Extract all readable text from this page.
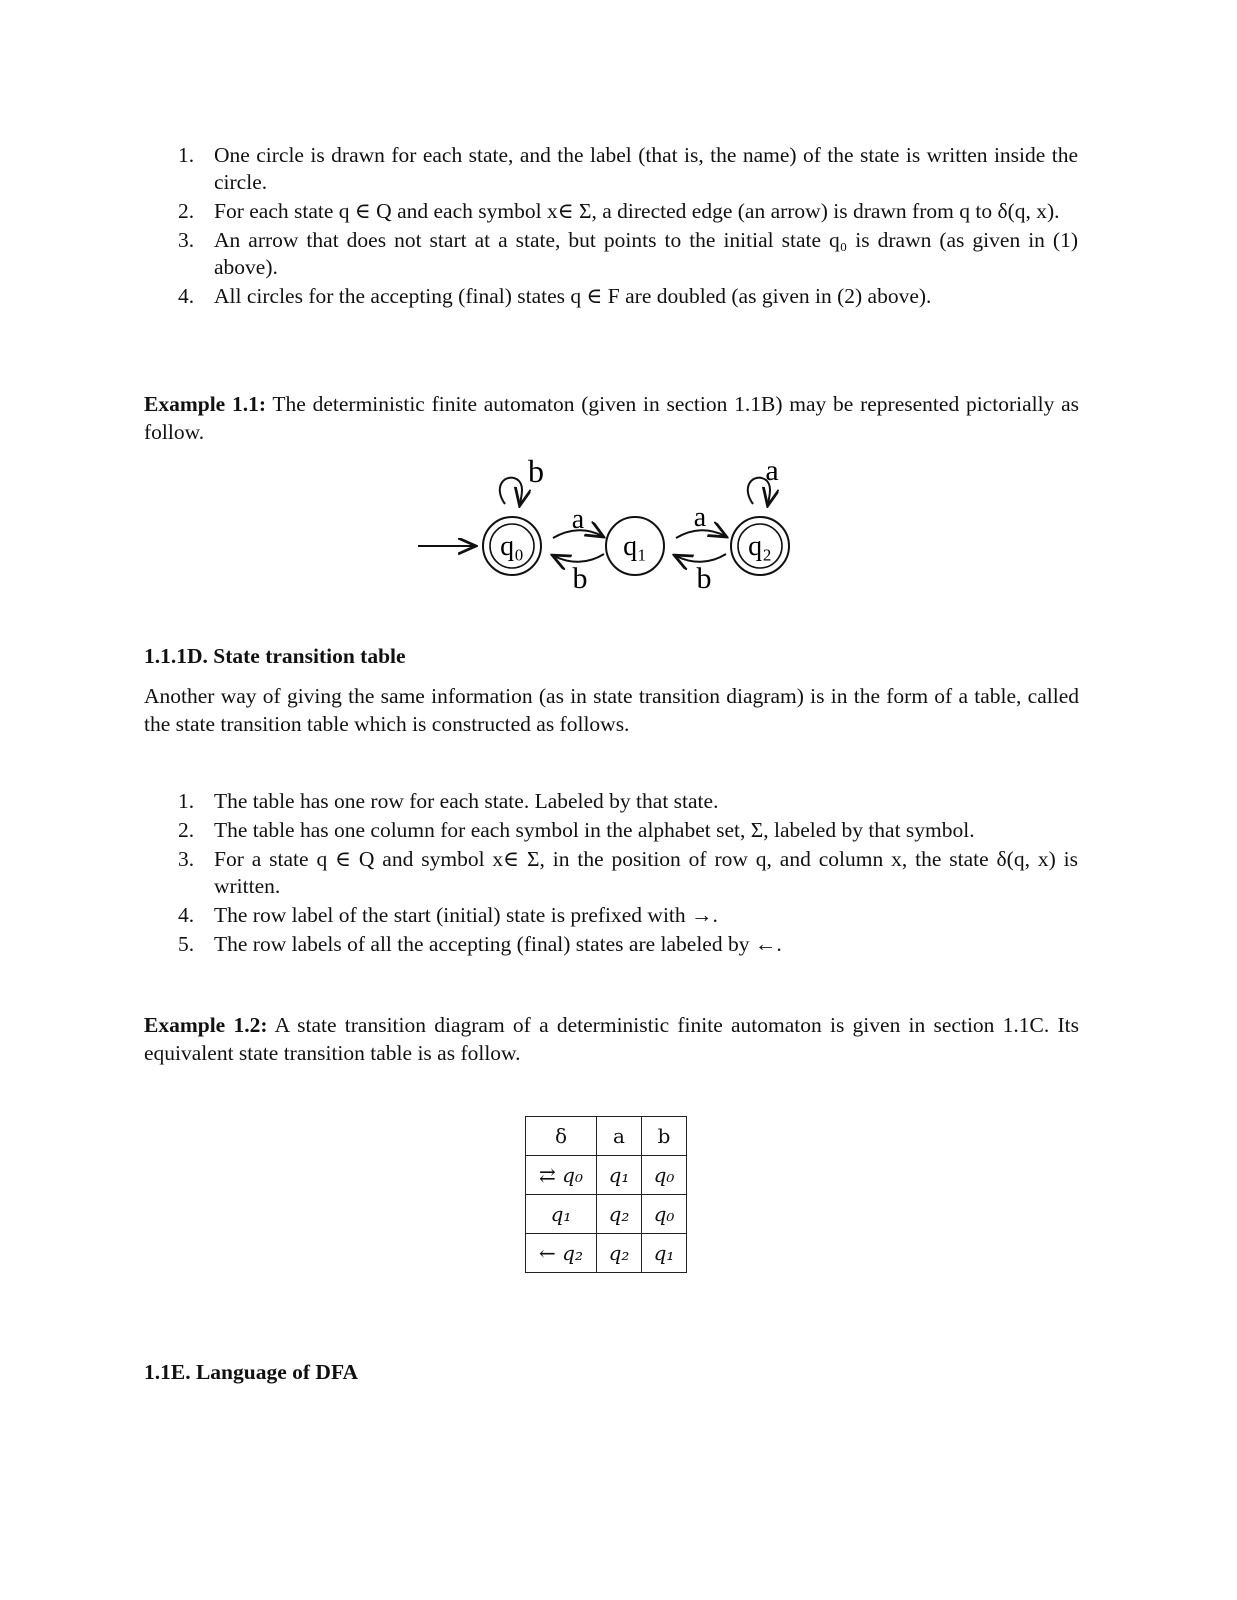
1. One circle is drawn for each state, and the label (that is, the name) of the state is written inside the circle.
2. For each state q ∈ Q and each symbol x∈ Σ, a directed edge (an arrow) is drawn from q to δ(q, x).
3. An arrow that does not start at a state, but points to the initial state q₀ is drawn (as given in (1) above).
4. All circles for the accepting (final) states q ∈ F are doubled (as given in (2) above).

Example 1.1: The deterministic finite automaton (given in section 1.1B) may be represented pictorially as follow.

q₀	q₁	q₂
b
a
b
a
b
a
1.1.1D. State transition table

Another way of giving the same information (as in state transition diagram) is in the form of a table, called the state transition table which is constructed as follows.

1. The table has one row for each state. Labeled by that state.
2. The table has one column for each symbol in the alphabet set, Σ, labeled by that symbol.
3. For a state q ∈ Q and symbol x∈ Σ, in the position of row q, and column x, the state δ(q, x) is written.
4. The row label of the start (initial) state is prefixed with →.
5. The row labels of all the accepting (final) states are labeled by ←.

Example 1.2: A state transition diagram of a deterministic finite automaton is given in section 1.1C. Its equivalent state transition table is as follow.

δ	a	b
⇄ q₀	q₁	q₀
q₁	q₂	q₀
← q₂	q₂	q₁
1.1E. Language of DFA
